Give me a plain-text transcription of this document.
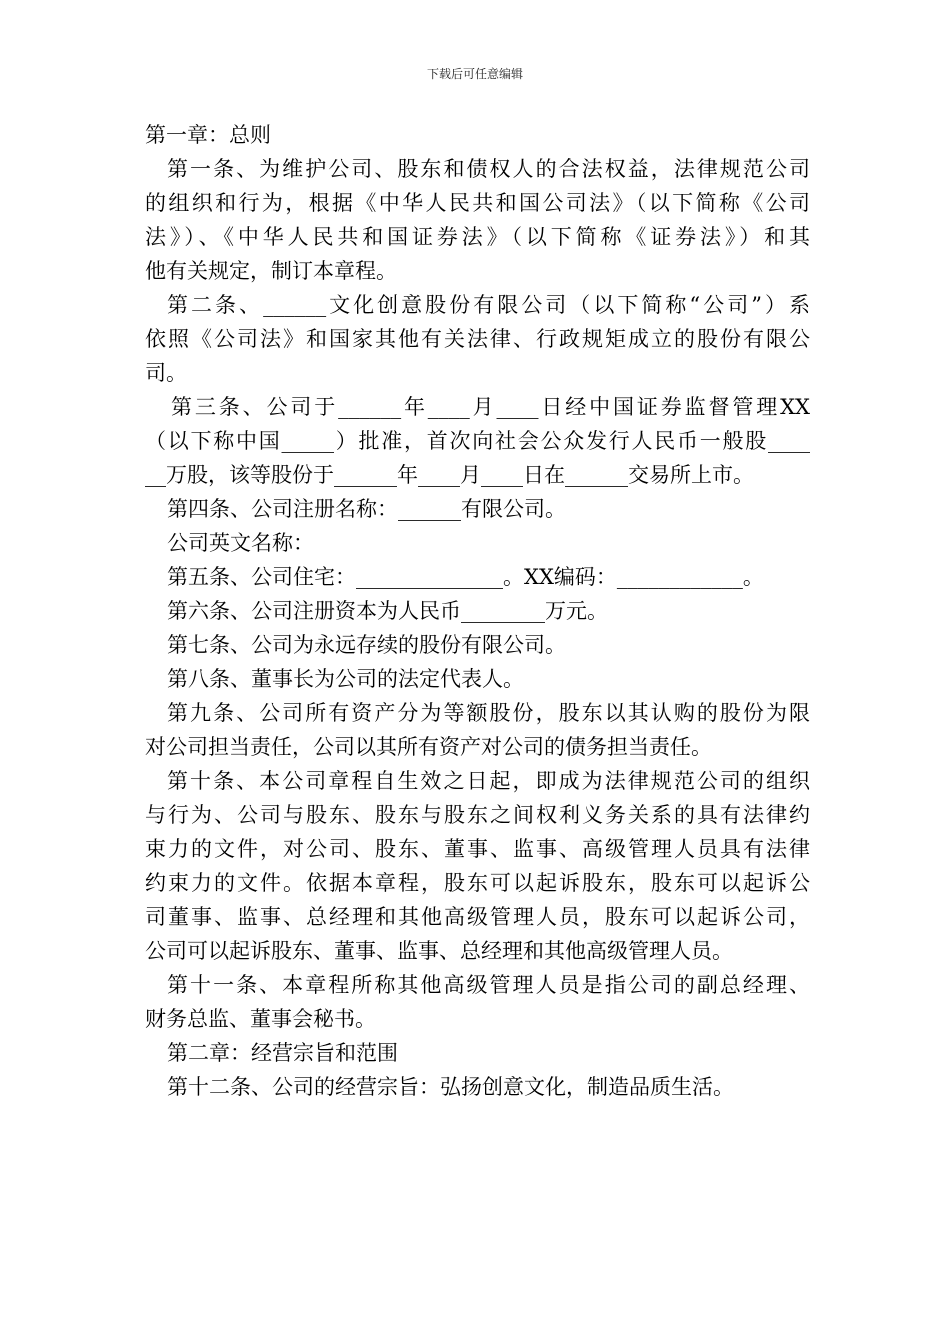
下载后可任意编辑
第一章：总则
第一条、为维护公司、股东和债权人的合法权益，法律规范公司
的组织和行为，根据《中华人民共和国公司法》（以下简称《公司
法》）、《中华人民共和国证券法》（以下简称《证券法》）和其
他有关规定，制订本章程。
第二条、______文化创意股份有限公司（以下简称“公司”）系
依照《公司法》和国家其他有关法律、行政规矩成立的股份有限公
司。
第三条、公司于______年____月____日经中国证券监督管理XX
（以下称中国_____）批准，首次向社会公众发行人民币一般股____
__万股，该等股份于______年____月____日在______交易所上市。
第四条、公司注册名称：______有限公司。
公司英文名称：
第五条、公司住宅：______________。XX编码：____________。
第六条、公司注册资本为人民币________万元。
第七条、公司为永远存续的股份有限公司。
第八条、董事长为公司的法定代表人。
第九条、公司所有资产分为等额股份，股东以其认购的股份为限
对公司担当责任，公司以其所有资产对公司的债务担当责任。
第十条、本公司章程自生效之日起，即成为法律规范公司的组织
与行为、公司与股东、股东与股东之间权利义务关系的具有法律约
束力的文件，对公司、股东、董事、监事、高级管理人员具有法律
约束力的文件。依据本章程，股东可以起诉股东，股东可以起诉公
司董事、监事、总经理和其他高级管理人员，股东可以起诉公司，
公司可以起诉股东、董事、监事、总经理和其他高级管理人员。
第十一条、本章程所称其他高级管理人员是指公司的副总经理、
财务总监、董事会秘书。
第二章：经营宗旨和范围
第十二条、公司的经营宗旨：弘扬创意文化，制造品质生活。
